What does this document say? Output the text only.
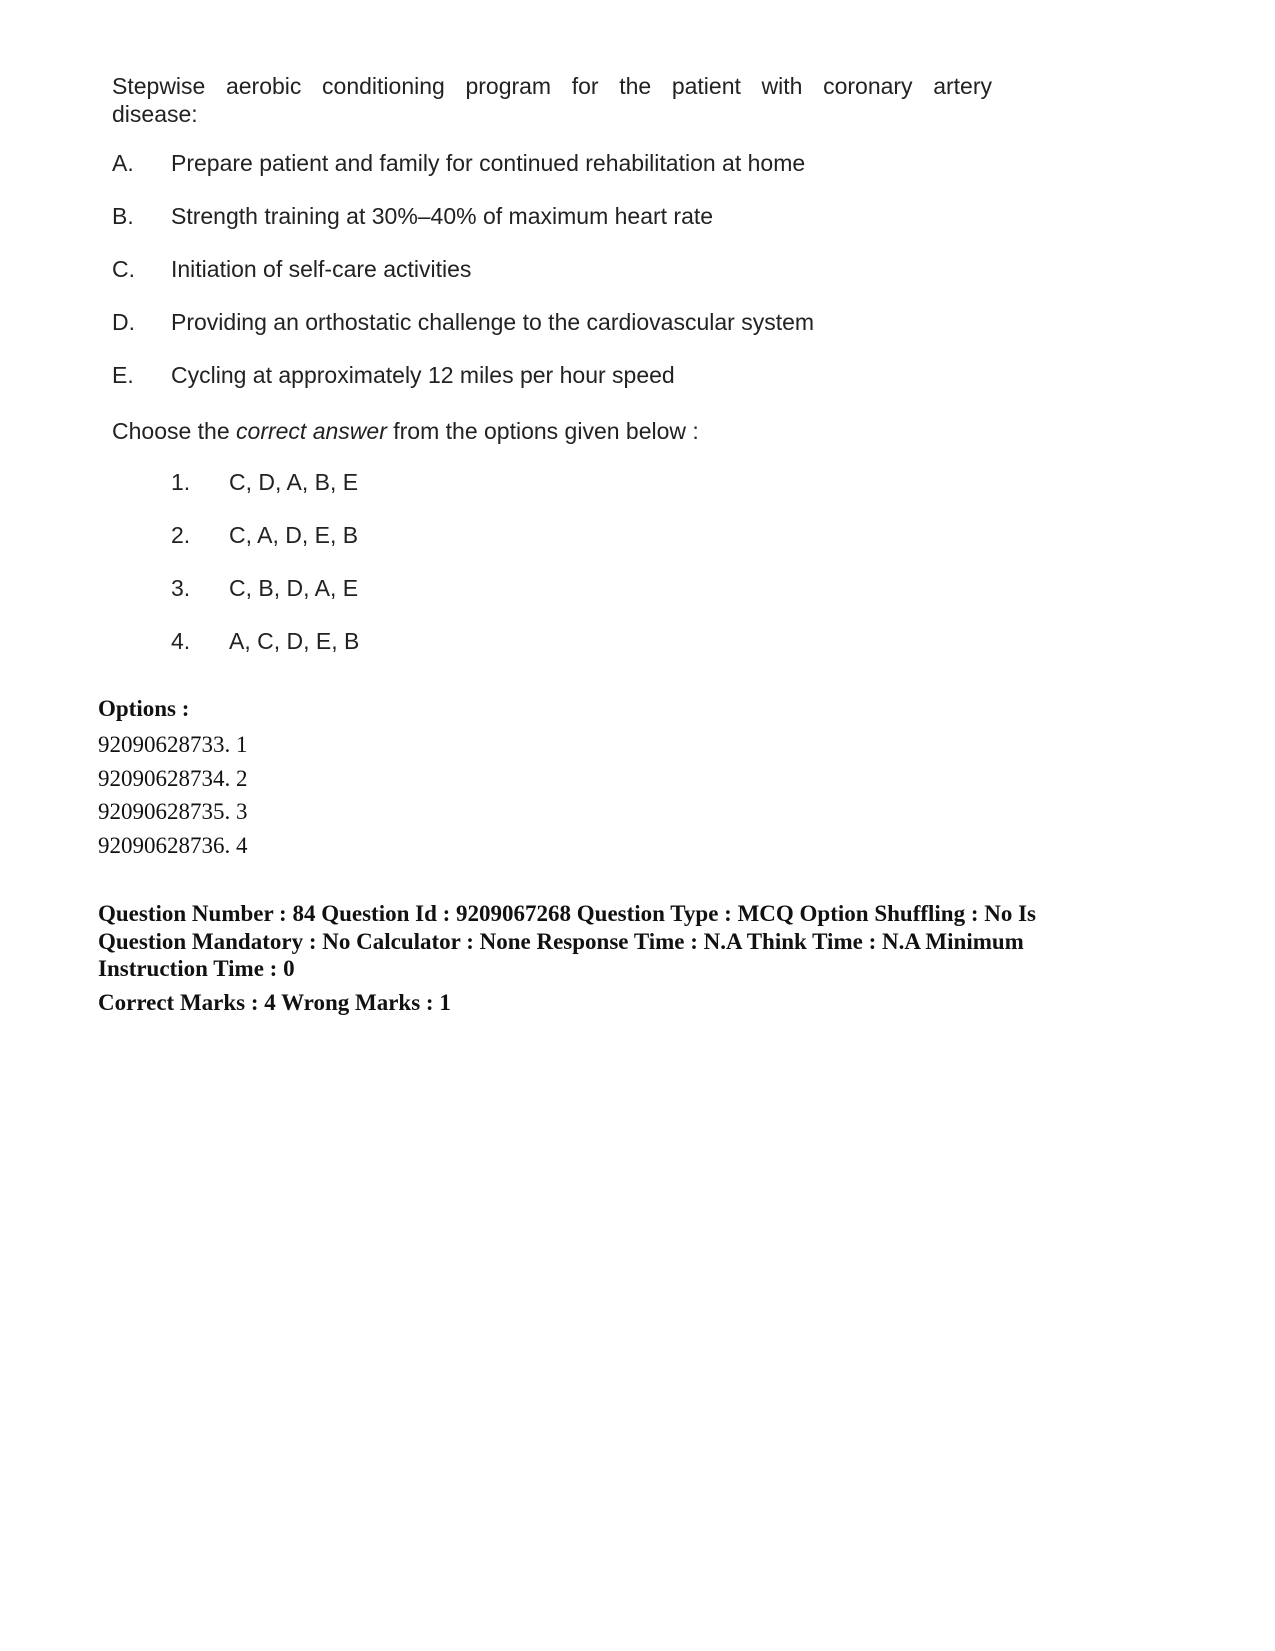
Stepwise aerobic conditioning program for the patient with coronary artery
disease:

A.	Prepare patient and family for continued rehabilitation at home
B.	Strength training at 30%–40% of maximum heart rate
C.	Initiation of self-care activities
D.	Providing an orthostatic challenge to the cardiovascular system
E.	Cycling at approximately 12 miles per hour speed

Choose the correct answer from the options given below :

1.	C, D, A, B, E
2.	C, A, D, E, B
3.	C, B, D, A, E
4.	A, C, D, E, B
Options :
92090628733. 1
92090628734. 2
92090628735. 3
92090628736. 4

Question Number : 84 Question Id : 9209067268 Question Type : MCQ Option Shuffling : No Is

Question Mandatory : No Calculator : None Response Time : N.A Think Time : N.A Minimum

Instruction Time : 0

Correct Marks : 4 Wrong Marks : 1
